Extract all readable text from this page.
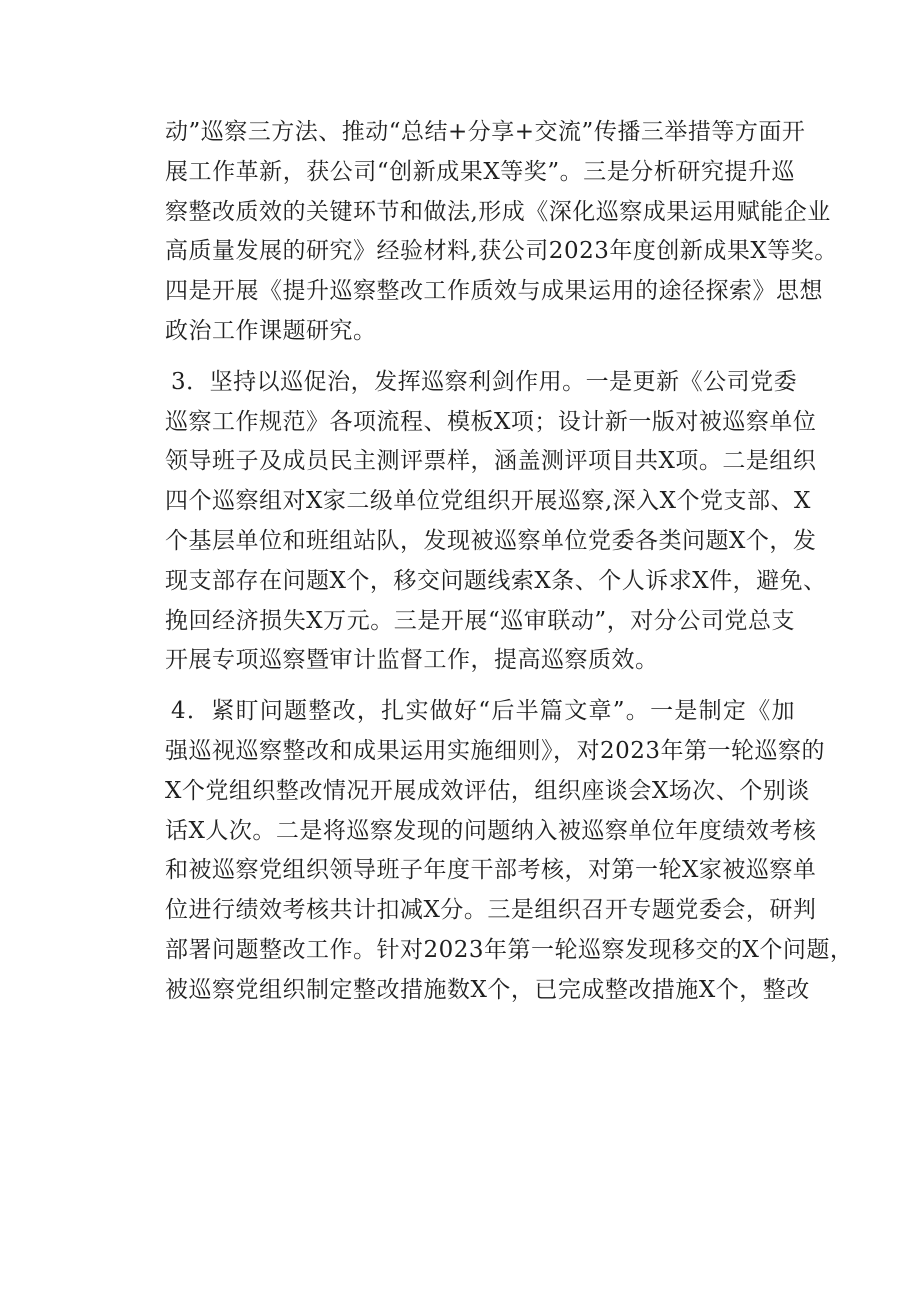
动”巡察三方法、推动“总结+分享+交流”传播三举措等方面开
展工作革新，获公司“创新成果X等奖”。三是分析研究提升巡
察整改质效的关键环节和做法,形成《深化巡察成果运用赋能企业
高质量发展的研究》经验材料,获公司2023年度创新成果X等奖。
四是开展《提升巡察整改工作质效与成果运用的途径探索》思想
政治工作课题研究。
3．坚持以巡促治，发挥巡察利剑作用。一是更新《公司党委
巡察工作规范》各项流程、模板X项；设计新一版对被巡察单位
领导班子及成员民主测评票样，涵盖测评项目共X项。二是组织
四个巡察组对X家二级单位党组织开展巡察,深入X个党支部、X
个基层单位和班组站队，发现被巡察单位党委各类问题X个，发
现支部存在问题X个，移交问题线索X条、个人诉求X件，避免、
挽回经济损失X万元。三是开展“巡审联动”，对分公司党总支
开展专项巡察暨审计监督工作，提高巡察质效。
4．紧盯问题整改，扎实做好“后半篇文章”。一是制定《加
强巡视巡察整改和成果运用实施细则》，对2023年第一轮巡察的
X个党组织整改情况开展成效评估，组织座谈会X场次、个别谈
话X人次。二是将巡察发现的问题纳入被巡察单位年度绩效考核
和被巡察党组织领导班子年度干部考核，对第一轮X家被巡察单
位进行绩效考核共计扣减X分。三是组织召开专题党委会，研判
部署问题整改工作。针对2023年第一轮巡察发现移交的X个问题，
被巡察党组织制定整改措施数X个，已完成整改措施X个，整改
